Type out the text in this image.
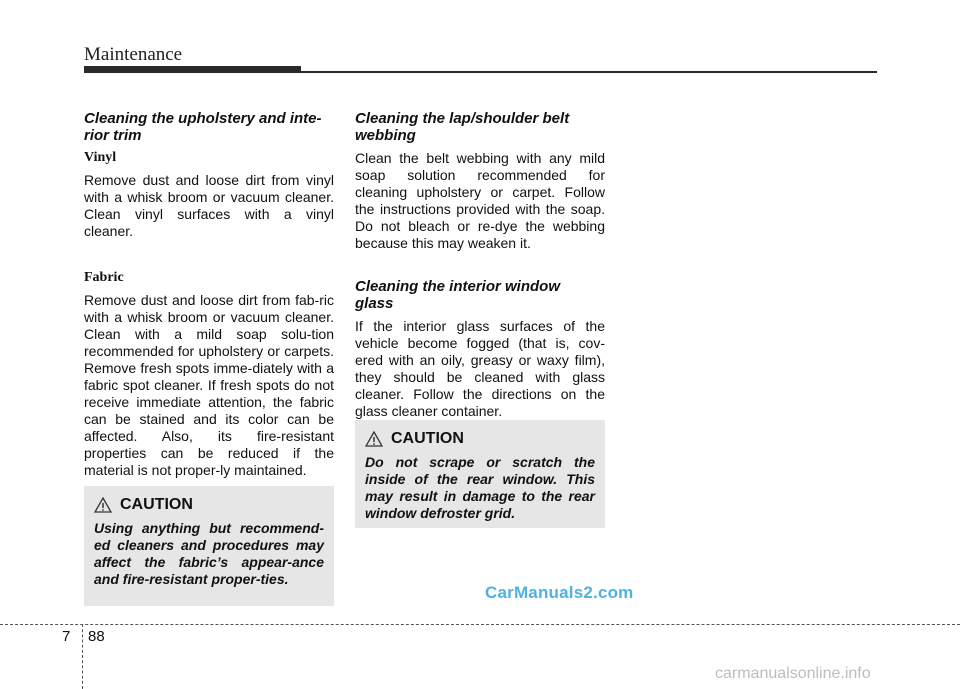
Maintenance
Cleaning the upholstery and inte-
rior trim
Vinyl

Remove dust and loose dirt from vinyl with a whisk broom or vacuum cleaner. Clean vinyl surfaces with a vinyl cleaner.

Fabric

Remove dust and loose dirt from fab-ric with a whisk broom or vacuum cleaner. Clean with a mild soap solu-tion recommended for upholstery or carpets. Remove fresh spots imme-diately with a fabric spot cleaner. If fresh spots do not receive immediate attention, the fabric can be stained and its color can be affected. Also, its fire-resistant properties can be reduced if the material is not proper-ly maintained.

CAUTION

Using anything but recommend-ed cleaners and procedures may affect the fabric’s appear-ance and fire-resistant proper-ties.

Cleaning the lap/shoulder belt
webbing

Clean the belt webbing with any mild soap solution recommended for cleaning upholstery or carpet. Follow the instructions provided with the soap. Do not bleach or re-dye the webbing because this may weaken it.

Cleaning the interior window
glass

If the interior glass surfaces of the vehicle become fogged (that is, cov-ered with an oily, greasy or waxy film), they should be cleaned with glass cleaner. Follow the directions on the glass cleaner container.

CAUTION

Do not scrape or scratch the inside of the rear window. This may result in damage to the rear window defroster grid.

CarManuals2.com
7 88
carmanualsonline.info
